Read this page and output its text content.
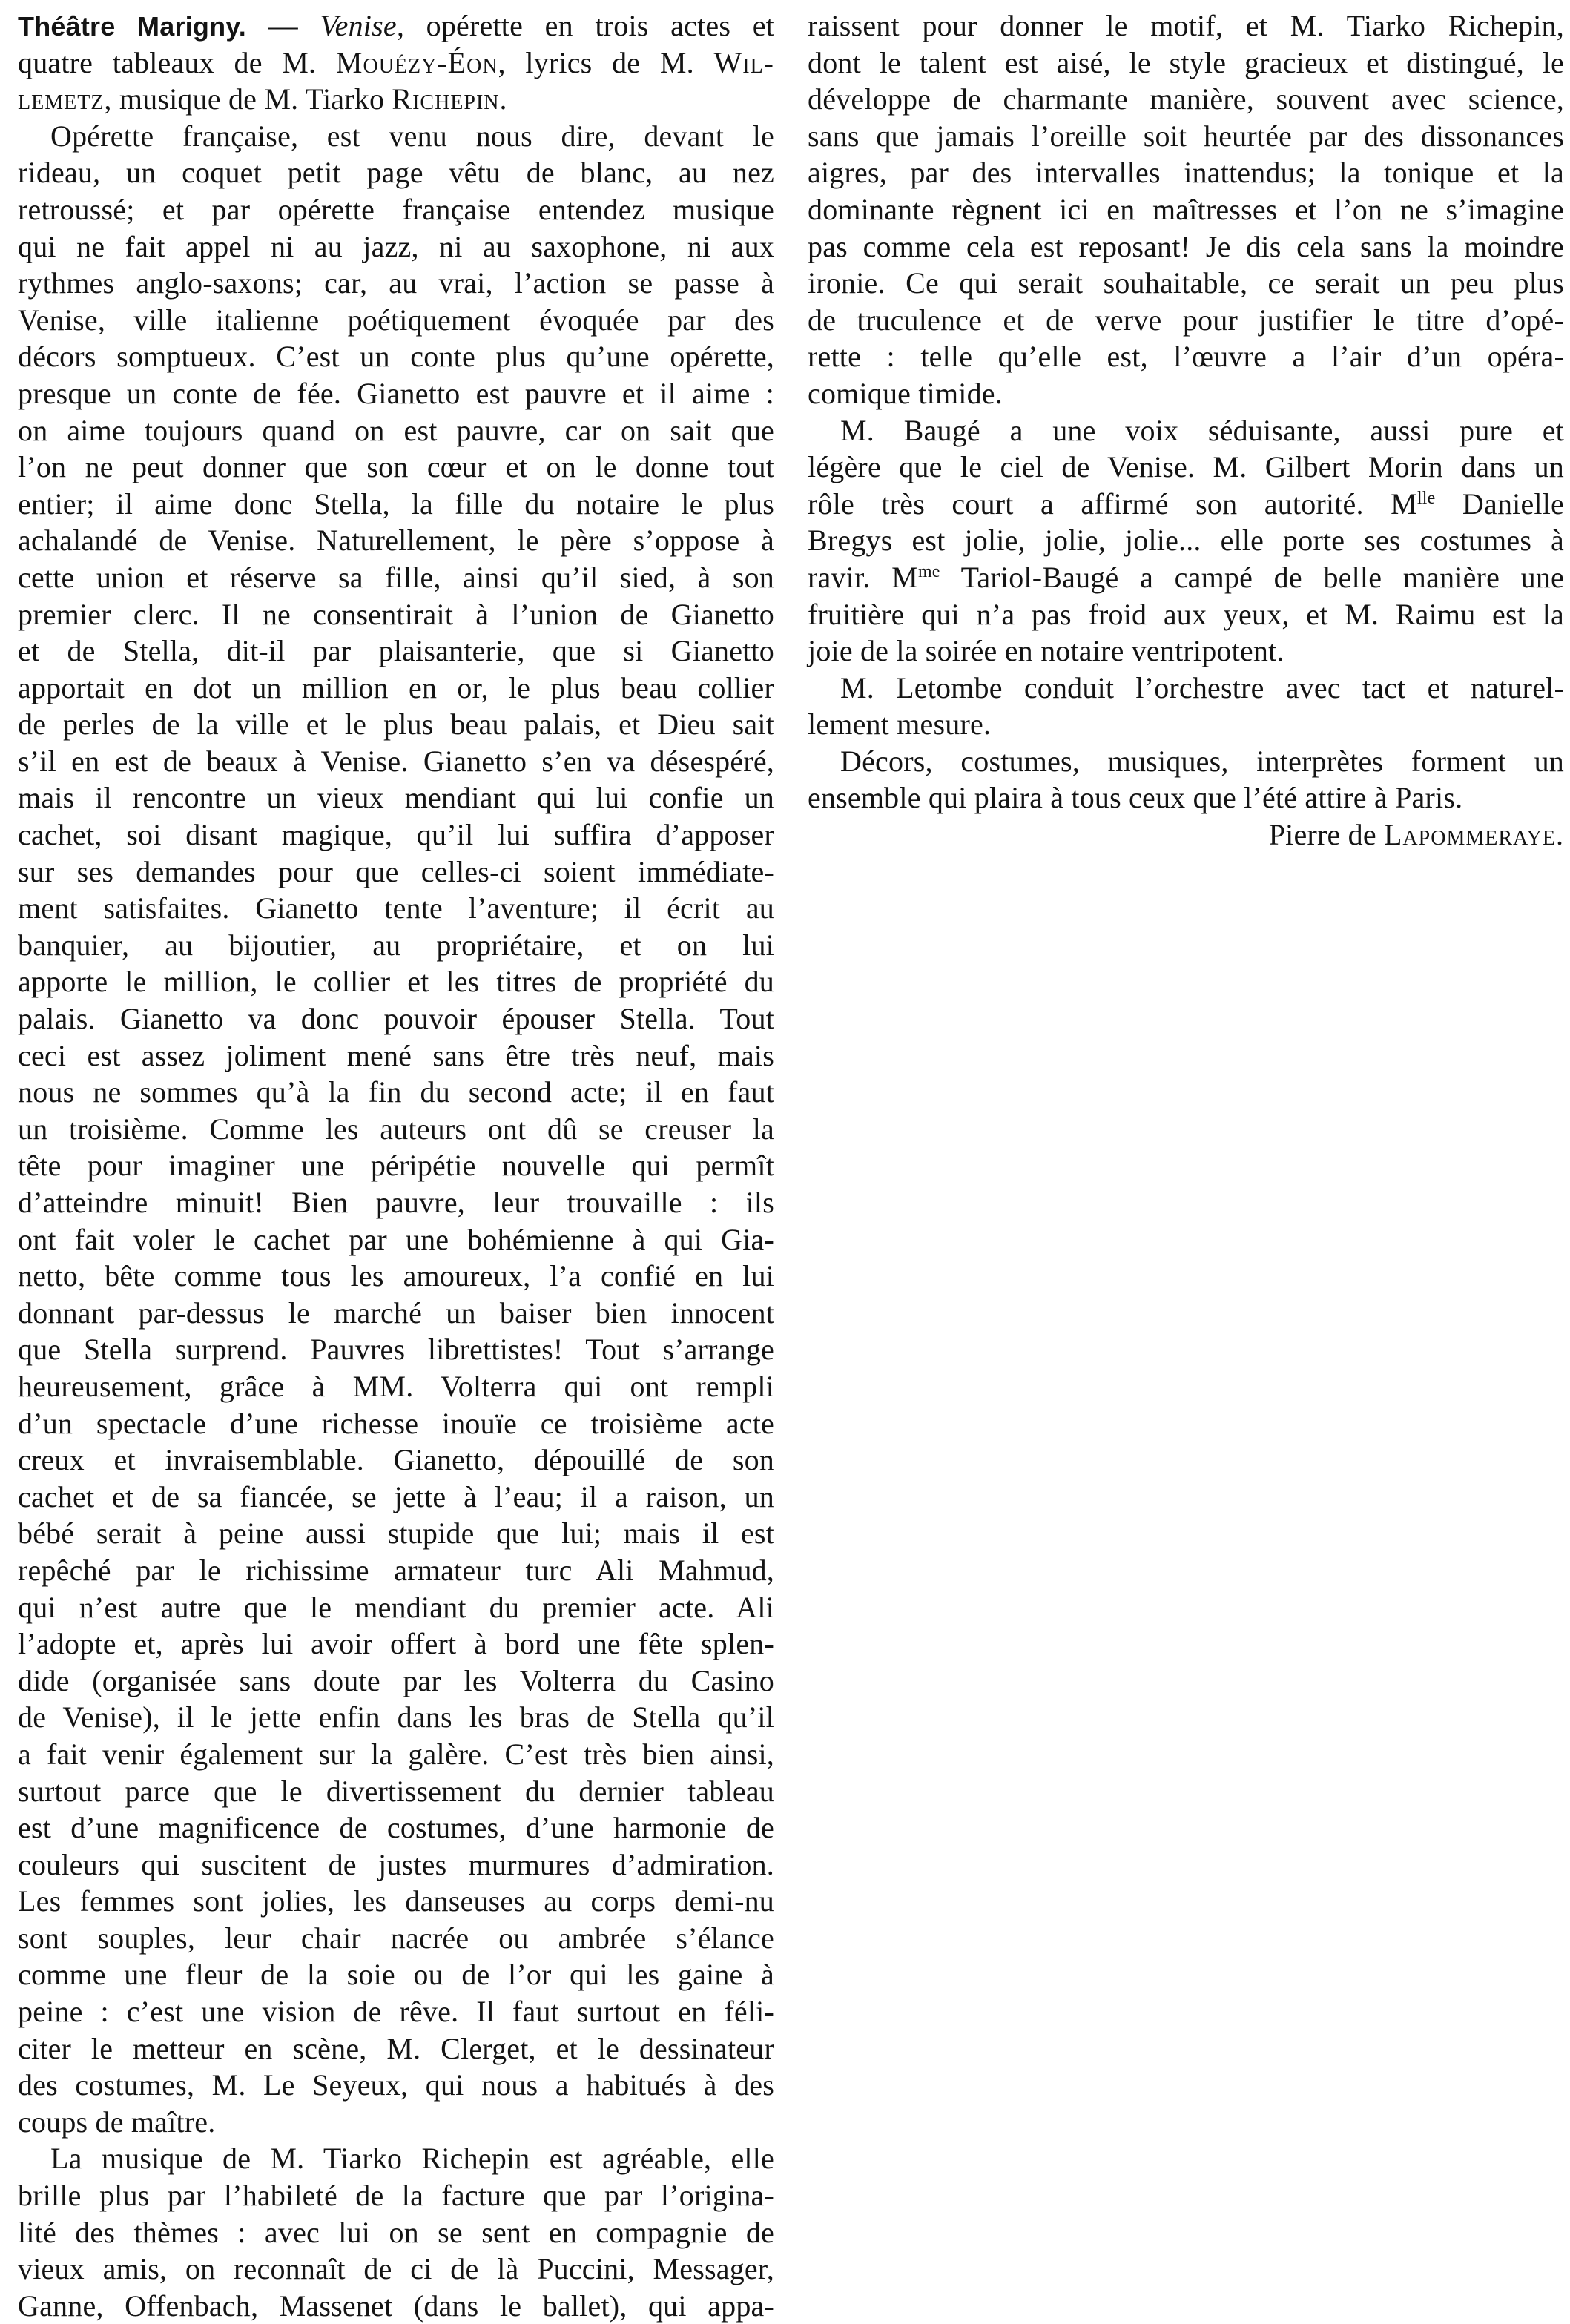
Théâtre Marigny. — Venise, opérette en trois actes et
quatre tableaux de M. Mouézy-Éon, lyrics de M. Wil-
lemetz, musique de M. Tiarko Richepin.
Opérette française, est venu nous dire, devant le
rideau, un coquet petit page vêtu de blanc, au nez
retroussé; et par opérette française entendez musique
qui ne fait appel ni au jazz, ni au saxophone, ni aux
rythmes anglo-saxons; car, au vrai, l’action se passe à
Venise, ville italienne poétiquement évoquée par des
décors somptueux. C’est un conte plus qu’une opérette,
presque un conte de fée. Gianetto est pauvre et il aime :
on aime toujours quand on est pauvre, car on sait que
l’on ne peut donner que son cœur et on le donne tout
entier; il aime donc Stella, la fille du notaire le plus
achalandé de Venise. Naturellement, le père s’oppose à
cette union et réserve sa fille, ainsi qu’il sied, à son
premier clerc. Il ne consentirait à l’union de Gianetto
et de Stella, dit-il par plaisanterie, que si Gianetto
apportait en dot un million en or, le plus beau collier
de perles de la ville et le plus beau palais, et Dieu sait
s’il en est de beaux à Venise. Gianetto s’en va désespéré,
mais il rencontre un vieux mendiant qui lui confie un
cachet, soi disant magique, qu’il lui suffira d’apposer
sur ses demandes pour que celles-ci soient immédiate-
ment satisfaites. Gianetto tente l’aventure; il écrit au
banquier, au bijoutier, au propriétaire, et on lui
apporte le million, le collier et les titres de propriété du
palais. Gianetto va donc pouvoir épouser Stella. Tout
ceci est assez joliment mené sans être très neuf, mais
nous ne sommes qu’à la fin du second acte; il en faut
un troisième. Comme les auteurs ont dû se creuser la
tête pour imaginer une péripétie nouvelle qui permît
d’atteindre minuit! Bien pauvre, leur trouvaille : ils
ont fait voler le cachet par une bohémienne à qui Gia-
netto, bête comme tous les amoureux, l’a confié en lui
donnant par-dessus le marché un baiser bien innocent
que Stella surprend. Pauvres librettistes! Tout s’arrange
heureusement, grâce à MM. Volterra qui ont rempli
d’un spectacle d’une richesse inouïe ce troisième acte
creux et invraisemblable. Gianetto, dépouillé de son
cachet et de sa fiancée, se jette à l’eau; il a raison, un
bébé serait à peine aussi stupide que lui; mais il est
repêché par le richissime armateur turc Ali Mahmud,
qui n’est autre que le mendiant du premier acte. Ali
l’adopte et, après lui avoir offert à bord une fête splen-
dide (organisée sans doute par les Volterra du Casino
de Venise), il le jette enfin dans les bras de Stella qu’il
a fait venir également sur la galère. C’est très bien ainsi,
surtout parce que le divertissement du dernier tableau
est d’une magnificence de costumes, d’une harmonie de
couleurs qui suscitent de justes murmures d’admiration.
Les femmes sont jolies, les danseuses au corps demi-nu
sont souples, leur chair nacrée ou ambrée s’élance
comme une fleur de la soie ou de l’or qui les gaine à
peine : c’est une vision de rêve. Il faut surtout en féli-
citer le metteur en scène, M. Clerget, et le dessinateur
des costumes, M. Le Seyeux, qui nous a habitués à des
coups de maître.
La musique de M. Tiarko Richepin est agréable, elle
brille plus par l’habileté de la facture que par l’origina-
lité des thèmes : avec lui on se sent en compagnie de
vieux amis, on reconnaît de ci de là Puccini, Messager,
Ganne, Offenbach, Massenet (dans le ballet), qui appa-
raissent pour donner le motif, et M. Tiarko Richepin,
dont le talent est aisé, le style gracieux et distingué, le
développe de charmante manière, souvent avec science,
sans que jamais l’oreille soit heurtée par des dissonances
aigres, par des intervalles inattendus; la tonique et la
dominante règnent ici en maîtresses et l’on ne s’imagine
pas comme cela est reposant! Je dis cela sans la moindre
ironie. Ce qui serait souhaitable, ce serait un peu plus
de truculence et de verve pour justifier le titre d’opé-
rette : telle qu’elle est, l’œuvre a l’air d’un opéra-
comique timide.
M. Baugé a une voix séduisante, aussi pure et
légère que le ciel de Venise. M. Gilbert Morin dans un
rôle très court a affirmé son autorité. $M^{lle}$ Danielle
Bregys est jolie, jolie, jolie... elle porte ses costumes à
ravir. $M^{me}$ Tariol-Baugé a campé de belle manière une
fruitière qui n’a pas froid aux yeux, et M. Raimu est la
joie de la soirée en notaire ventripotent.
M. Letombe conduit l’orchestre avec tact et naturel-
lement mesure.
Décors, costumes, musiques, interprètes forment un
ensemble qui plaira à tous ceux que l’été attire à Paris.
Pierre de Lapommeraye.
